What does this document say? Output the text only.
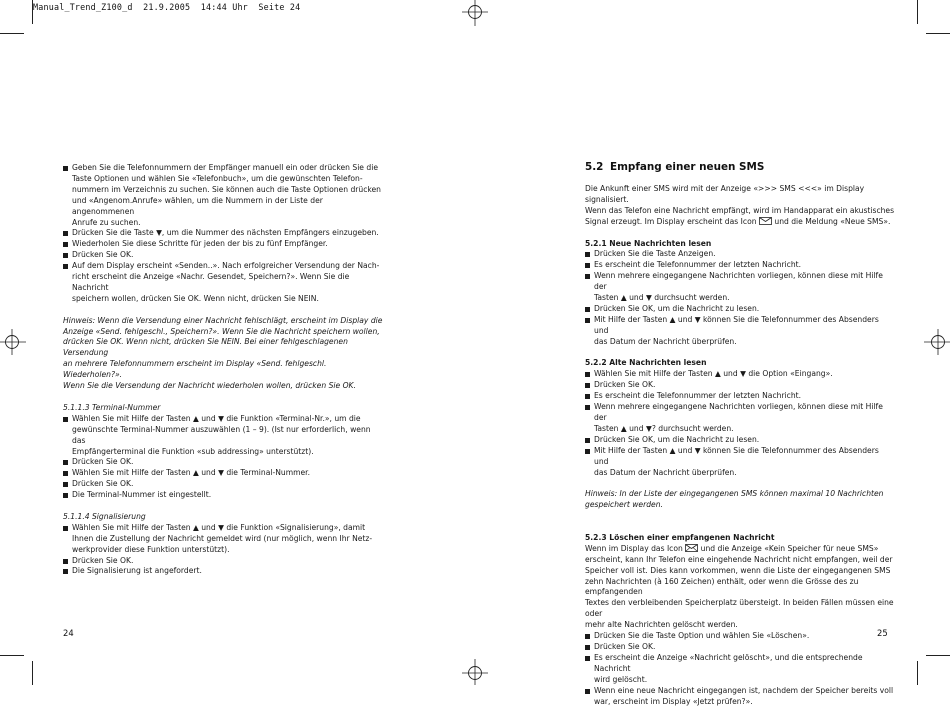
Manual_Trend_Z100_d  21.9.2005  14:44 Uhr  Seite 24

Geben Sie die Telefonnummern der Empfänger manuell ein oder drücken Sie die
Taste Optionen und wählen Sie «Telefonbuch», um die gewünschten Telefon-
nummern im Verzeichnis zu suchen. Sie können auch die Taste Optionen drücken
und «Angenom.Anrufe» wählen, um die Nummern in der Liste der angenommenen
Anrufe zu suchen.

Drücken Sie die Taste ▼, um die Nummer des nächsten Empfängers einzugeben.

Wiederholen Sie diese Schritte für jeden der bis zu fünf Empfänger.

Drücken Sie OK.

Auf dem Display erscheint «Senden..». Nach erfolgreicher Versendung der Nach-
richt erscheint die Anzeige «Nachr. Gesendet, Speichern?». Wenn Sie die Nachricht
speichern wollen, drücken Sie OK. Wenn nicht, drücken Sie NEIN.

Hinweis: Wenn die Versendung einer Nachricht fehlschlägt, erscheint im Display die
Anzeige «Send. fehlgeschl., Speichern?». Wenn Sie die Nachricht speichern wollen,
drücken Sie OK. Wenn nicht, drücken Sie NEIN. Bei einer fehlgeschlagenen Versendung
an mehrere Telefonnummern erscheint im Display «Send. fehlgeschl. Wiederholen?».
Wenn Sie die Versendung der Nachricht wiederholen wollen, drücken Sie OK.

5.1.1.3 Terminal-Nummer

Wählen Sie mit Hilfe der Tasten ▲ und ▼ die Funktion «Terminal-Nr.», um die
gewünschte Terminal-Nummer auszuwählen (1 – 9). (Ist nur erforderlich, wenn das
Empfängerterminal die Funktion «sub addressing» unterstützt).

Drücken Sie OK.

Wählen Sie mit Hilfe der Tasten ▲ und ▼ die Terminal-Nummer.

Drücken Sie OK.

Die Terminal-Nummer ist eingestellt.

5.1.1.4 Signalisierung

Wählen Sie mit Hilfe der Tasten ▲ und ▼ die Funktion «Signalisierung», damit
Ihnen die Zustellung der Nachricht gemeldet wird (nur möglich, wenn Ihr Netz-
werkprovider diese Funktion unterstützt).

Drücken Sie OK.

Die Signalisierung ist angefordert.

24

5.2 Empfang einer neuen SMS

Die Ankunft einer SMS wird mit der Anzeige «>>> SMS <<<» im Display signalisiert.
Wenn das Telefon eine Nachricht empfängt, wird im Handapparat ein akustisches
Signal erzeugt. Im Display erscheint das Icon und die Meldung «Neue SMS».

5.2.1 Neue Nachrichten lesen

Drücken Sie die Taste Anzeigen.

Es erscheint die Telefonnummer der letzten Nachricht.

Wenn mehrere eingegangene Nachrichten vorliegen, können diese mit Hilfe der
Tasten ▲ und ▼ durchsucht werden.

Drücken Sie OK, um die Nachricht zu lesen.

Mit Hilfe der Tasten ▲ und ▼ können Sie die Telefonnummer des Absenders und
das Datum der Nachricht überprüfen.

5.2.2 Alte Nachrichten lesen

Wählen Sie mit Hilfe der Tasten ▲ und ▼ die Option «Eingang».

Drücken Sie OK.

Es erscheint die Telefonnummer der letzten Nachricht.

Wenn mehrere eingegangene Nachrichten vorliegen, können diese mit Hilfe der
Tasten ▲ und ▼? durchsucht werden.

Drücken Sie OK, um die Nachricht zu lesen.

Mit Hilfe der Tasten ▲ und ▼ können Sie die Telefonnummer des Absenders und
das Datum der Nachricht überprüfen.

Hinweis: In der Liste der eingegangenen SMS können maximal 10 Nachrichten
gespeichert werden.

5.2.3 Löschen einer empfangenen Nachricht

Wenn im Display das Icon und die Anzeige «Kein Speicher für neue SMS»
erscheint, kann Ihr Telefon eine eingehende Nachricht nicht empfangen, weil der
Speicher voll ist. Dies kann vorkommen, wenn die Liste der eingegangenen SMS
zehn Nachrichten (à 160 Zeichen) enthält, oder wenn die Grösse des zu empfangenden
Textes den verbleibenden Speicherplatz übersteigt. In beiden Fällen müssen eine oder
mehr alte Nachrichten gelöscht werden.

Drücken Sie die Taste Option und wählen Sie «Löschen».

Drücken Sie OK.

Es erscheint die Anzeige «Nachricht gelöscht», und die entsprechende Nachricht
wird gelöscht.

Wenn eine neue Nachricht eingegangen ist, nachdem der Speicher bereits voll
war, erscheint im Display «Jetzt prüfen?».

25
